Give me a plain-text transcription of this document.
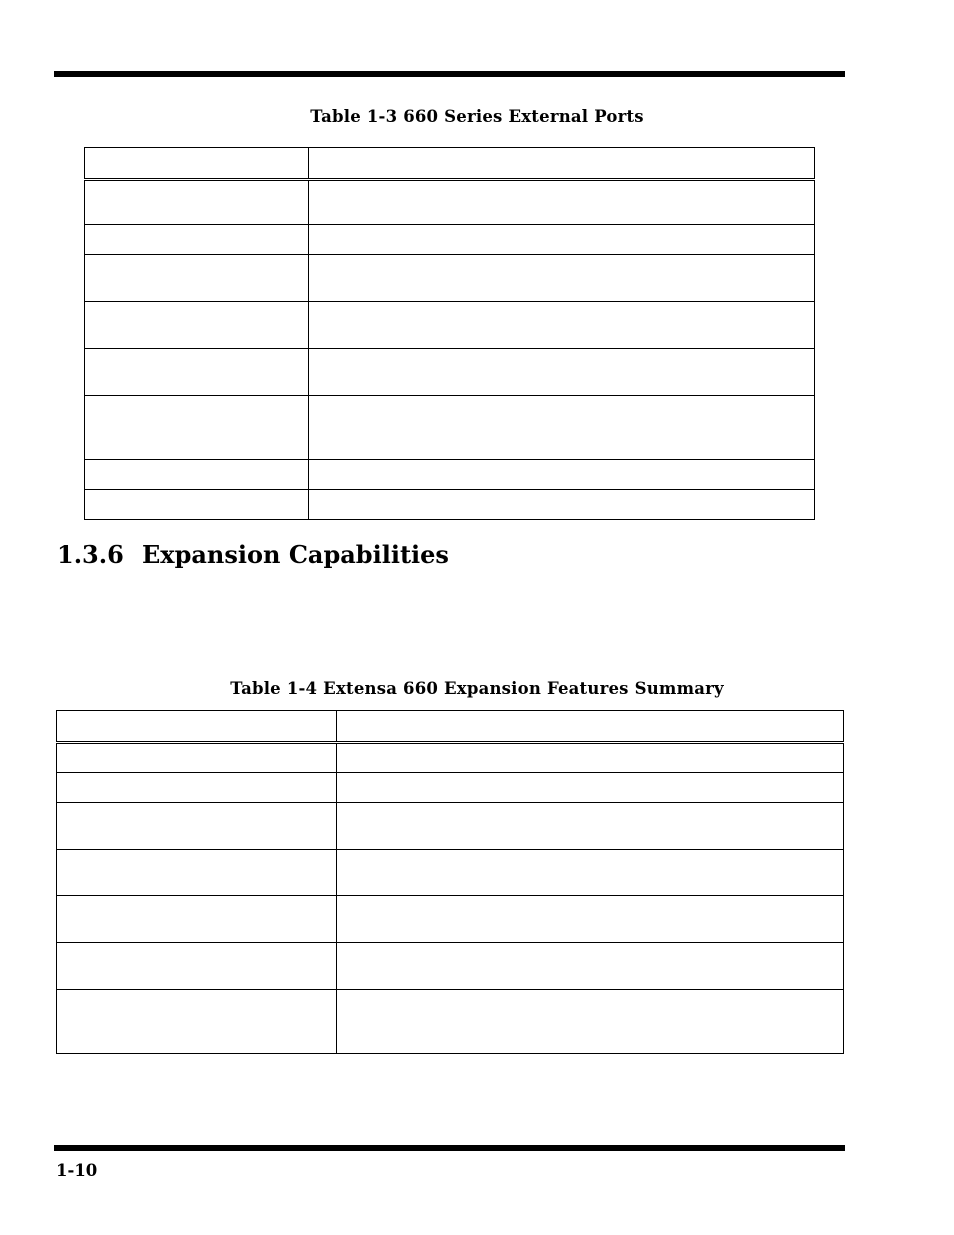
Table 1-3 660 Series External Ports

1.3.6 Expansion Capabilities
Table 1-4 Extensa 660 Expansion Features Summary

1-10
